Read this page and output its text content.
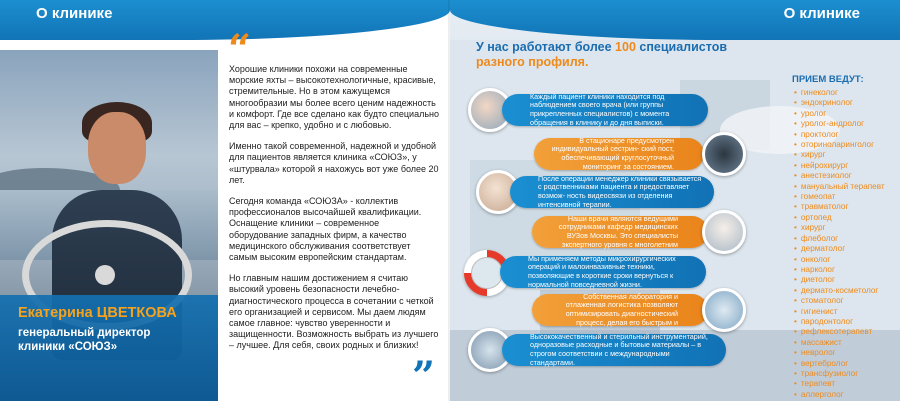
О клинике
Екатерина ЦВЕТКОВА
генеральный директор
клиники «СОЮЗ»
“

Хорошие клиники похожи на современные морские яхты – высокотехнологичные, красивые, стремительные. Но в этом кажущемся многообразии мы более всего ценим надежность и комфорт. Где все сделано как будто специально для вас – крепко, удобно и с любовью.

Именно такой современной, надежной и удобной для пациентов является клиника «СОЮЗ», у «штурвала» которой я нахожусь вот уже более 20 лет.

Сегодня команда «СОЮЗА» - коллектив профессионалов высочайшей квалификации. Оснащение клиники – современное оборудование западных фирм, а качество медицинского обслуживания соответствует самым высоким европейским стандартам.

Но главным нашим достижением я считаю высокий уровень безопасности лечебно-диагностического процесса в сочетании с четкой его организацией и сервисом. Мы даем людям самое главное: чувство уверенности и защищенности. Возможность выбрать из лучшего – лучшее. Для себя, своих родных и близких!

”
О клинике
У нас работают более 100 специалистов разного профиля.
Каждый пациент клиники находится под наблюдением своего врача (или группы прикрепленных специалистов) с момента обращения в клинику и до дня выписки.
В стационаре предусмотрен индивидуальный сестрин- ский пост, обеспечивающий круглосуточный мониторинг за состоянием.
После операции менеджер клиники связывается с родственниками пациента и предоставляет возмож- ность видеосвязи из отделения интенсивной терапии.
Наши врачи являются ведущими сотрудниками кафедр медицинских ВУЗов Москвы. Это специалисты экспертного уровня с многолетним
Мы применяем методы микрохирургических операций и малоинвазивные техники, позволяющие в короткие сроки вернуться к нормальной повседневной жизни.
Собственная лаборатория и отлаженная логистика позволяют оптимизировать диагностический процесс, делая его быстрым и
Высококачественный и стерильный инструментарий, одноразовые расходные и бытовые материалы – в строгом соответствии с международными стандартами.
ПРИЕМ ВЕДУТ:
• гинеколог
• эндокринолог
• уролог
• уролог-андролог
• проктолог
• оториноларинголог
• хирург
• нейрохирург
• анестезиолог
• мануальный терапевт
• гомеопат
• травматолог
• ортопед
• хирург
• флеболог
• дерматолог
• онколог
• нарколог
• диетолог
• дермато-косметолог
• стоматолог
• гигиенист
• пародонтолог
• рефлексотерапевт
• массажист
• невролог
• вертебролог
• трансфузиолог
• терапевт
• аллерголог
